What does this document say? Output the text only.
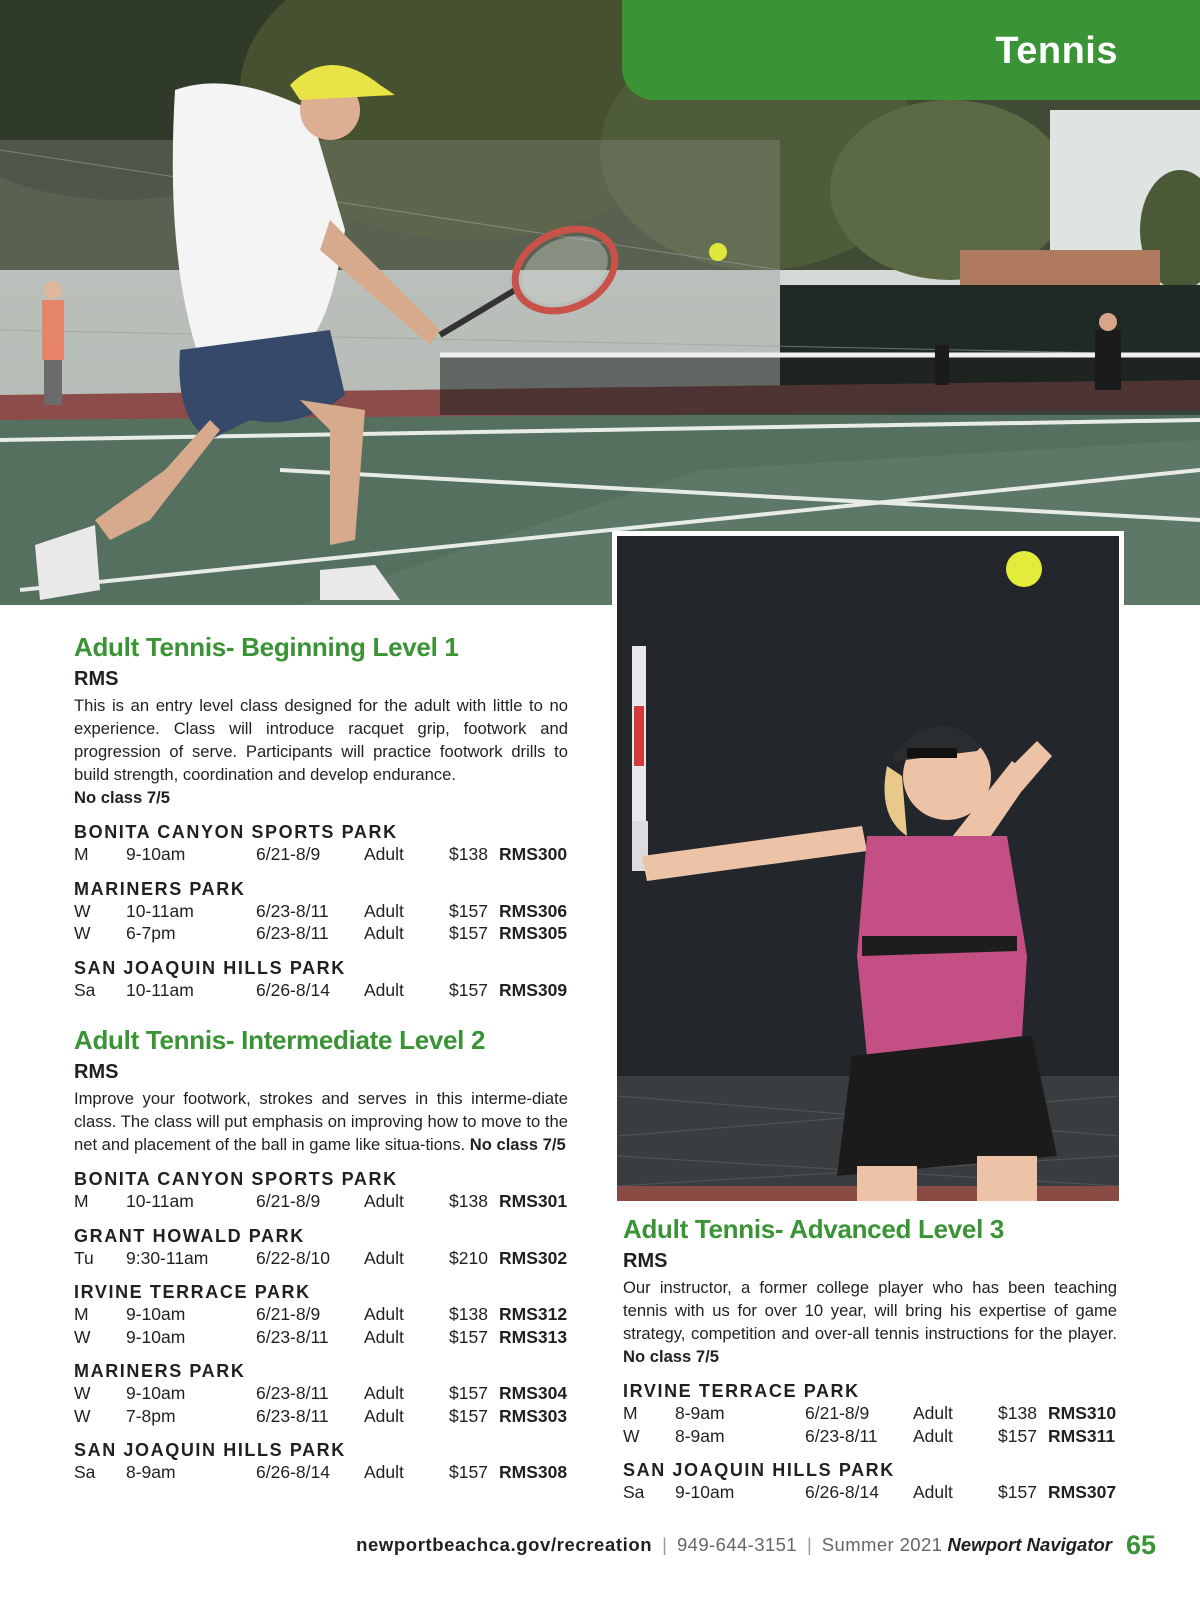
Tennis
Adult Tennis- Beginning Level 1
RMS

This is an entry level class designed for the adult with little to no experience. Class will introduce racquet grip, footwork and progression of serve. Participants will practice footwork drills to build strength, coordination and develop endurance.
No class 7/5

BONITA CANYON SPORTS PARK
M	9-10am	6/21-8/9	Adult	$138 RMS300
MARINERS PARK
W	10-11am	6/23-8/11	Adult	$157 RMS306
W	6-7pm	6/23-8/11	Adult	$157 RMS305
SAN JOAQUIN HILLS PARK
Sa	10-11am	6/26-8/14	Adult	$157 RMS309
Adult Tennis- Intermediate Level 2
RMS

Improve your footwork, strokes and serves in this interme-diate class. The class will put emphasis on improving how to move to the net and placement of the ball in game like situa-tions. No class 7/5

BONITA CANYON SPORTS PARK
M	10-11am	6/21-8/9	Adult	$138 RMS301
GRANT HOWALD PARK
Tu	9:30-11am	6/22-8/10	Adult	$210 RMS302
IRVINE TERRACE PARK
M	9-10am	6/21-8/9	Adult	$138 RMS312
W	9-10am	6/23-8/11	Adult	$157 RMS313
MARINERS PARK
W	9-10am	6/23-8/11	Adult	$157 RMS304
W	7-8pm	6/23-8/11	Adult	$157 RMS303
SAN JOAQUIN HILLS PARK
Sa	8-9am	6/26-8/14	Adult	$157 RMS308
Adult Tennis- Advanced Level 3
RMS

Our instructor, a former college player who has been teaching tennis with us for over 10 year, will bring his expertise of game strategy, competition and over-all tennis instructions for the player. No class 7/5

IRVINE TERRACE PARK
M	8-9am	6/21-8/9	Adult	$138 RMS310
W	8-9am	6/23-8/11	Adult	$157 RMS311
SAN JOAQUIN HILLS PARK
Sa	9-10am	6/26-8/14	Adult	$157 RMS307
newportbeachca.gov/recreation | 949-644-3151 | Summer 2021 Newport Navigator 65
